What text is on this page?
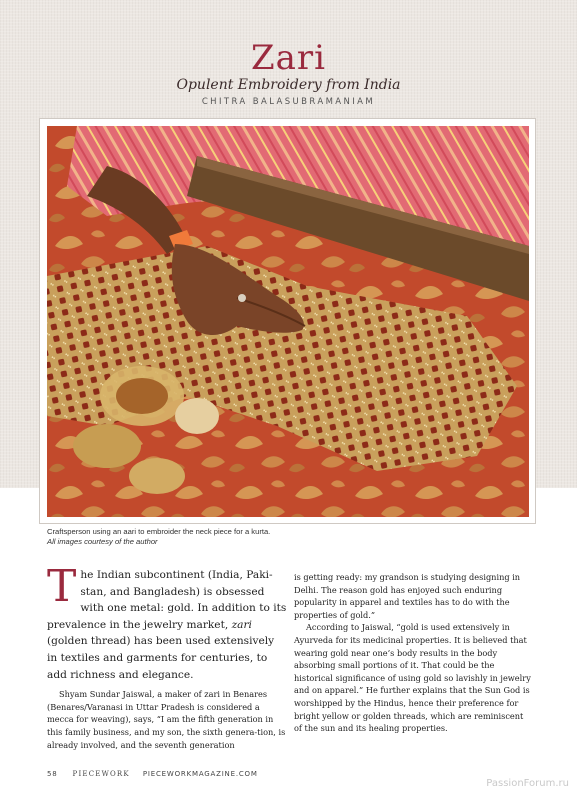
Zari
Opulent Embroidery from India
CHITRA BALASUBRAMANIAM
Craftsperson using an aari to embroider the neck piece for a kurta.
All images courtesy of the author

The Indian subcontinent (India, Paki-stan, and Bangladesh) is obsessed with one metal: gold. In addition to its prevalence in the jewelry market, zari (golden thread) has been used extensively in textiles and garments for centuries, to add richness and elegance.

Shyam Sundar Jaiswal, a maker of zari in Benares (Benares/Varanasi in Uttar Pradesh is considered a mecca for weaving), says, “I am the fifth generation in this family business, and my son, the sixth genera-tion, is already involved, and the seventh generation

is getting ready: my grandson is studying designing in Delhi. The reason gold has enjoyed such enduring popularity in apparel and textiles has to do with the properties of gold.”

According to Jaiswal, “gold is used extensively in Ayurveda for its medicinal properties. It is believed that wearing gold near one’s body results in the body absorbing small portions of it. That could be the historical significance of using gold so lavishly in jewelry and on apparel.” He further explains that the Sun God is worshipped by the Hindus, hence their preference for bright yellow or golden threads, which are reminiscent of the sun and its healing properties.

58 PIECEWORK PIECEWORKMAGAZINE.COM
PassionForum.ru
